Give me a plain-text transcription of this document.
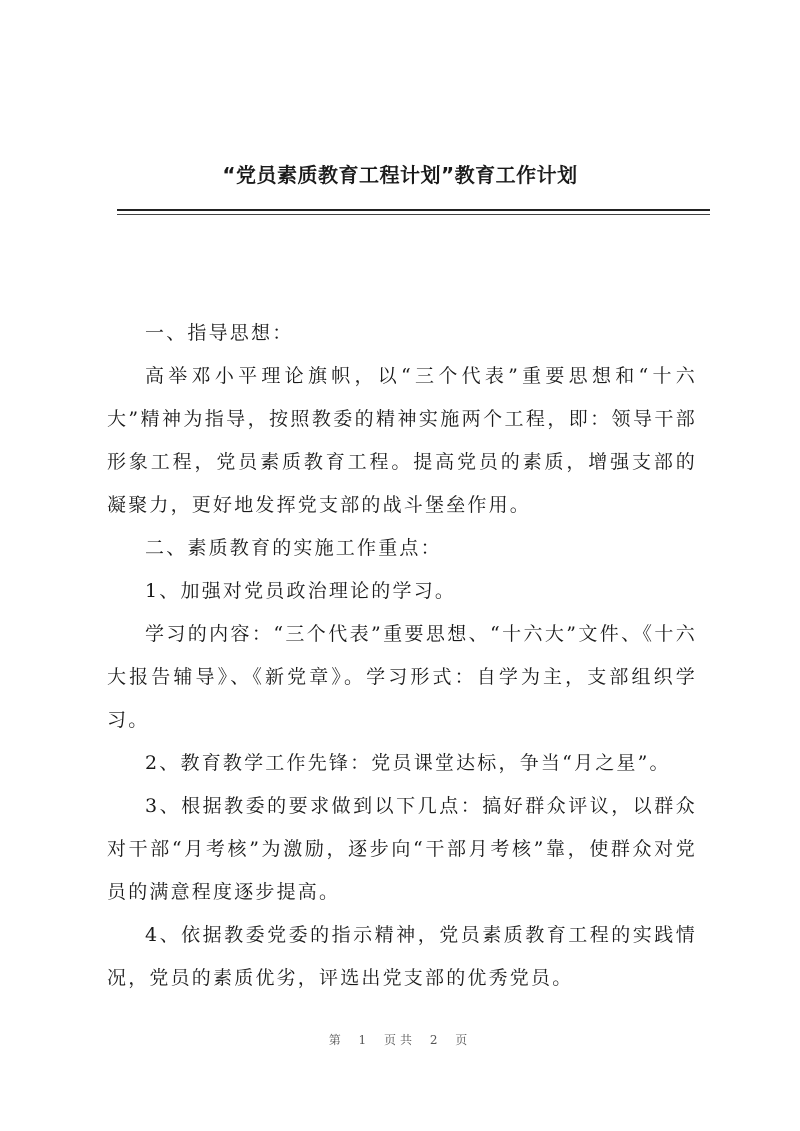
“党员素质教育工程计划”教育工作计划

一、指导思想：

高举邓小平理论旗帜，以“三个代表”重要思想和“十六大”精神为指导，按照教委的精神实施两个工程，即：领导干部形象工程，党员素质教育工程。提高党员的素质，增强支部的凝聚力，更好地发挥党支部的战斗堡垒作用。

二、素质教育的实施工作重点：

1、加强对党员政治理论的学习。

学习的内容：“三个代表”重要思想、“十六大”文件、《十六大报告辅导》、《新党章》。学习形式：自学为主，支部组织学习。

2、教育教学工作先锋：党员课堂达标，争当“月之星”。

3、根据教委的要求做到以下几点：搞好群众评议，以群众对干部“月考核”为激励，逐步向“干部月考核”靠，使群众对党员的满意程度逐步提高。

4、依据教委党委的指示精神，党员素质教育工程的实践情况，党员的素质优劣，评选出党支部的优秀党员。

第 1 页共 2 页
